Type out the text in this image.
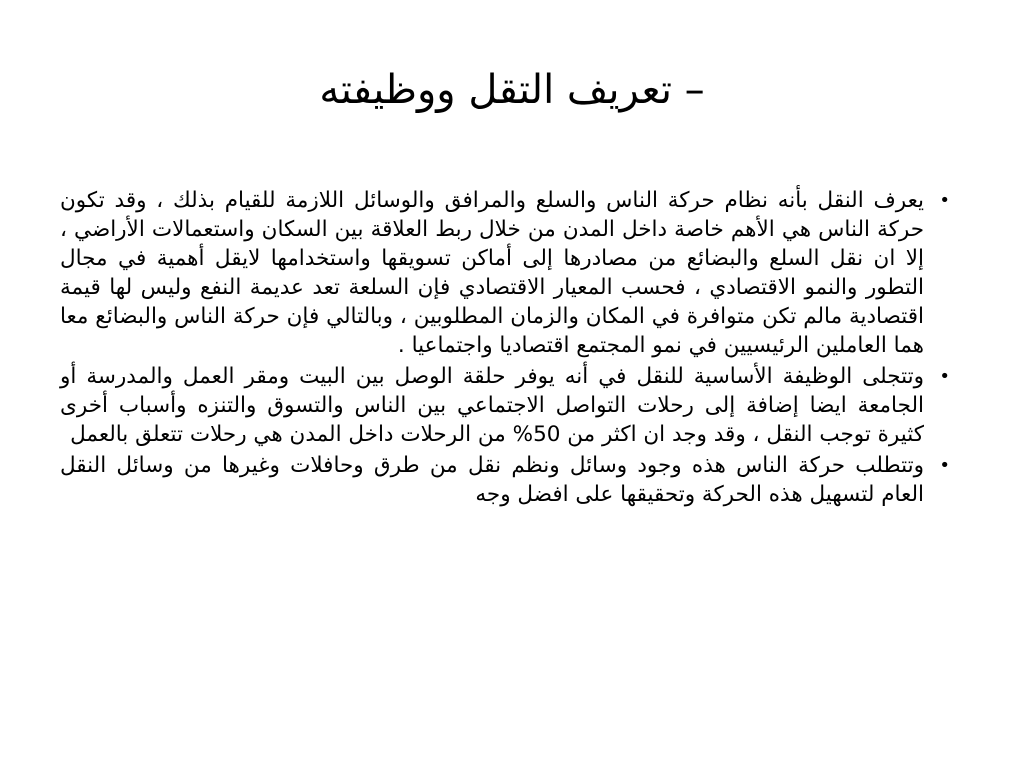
– تعريف التقل ووظيفته
•
يعرف النقل بأنه نظام حركة الناس والسلع والمرافق والوسائل اللازمة للقيام بذلك ، وقد تكون حركة الناس هي الأهم خاصة داخل المدن من خلال ربط العلاقة بين السكان واستعمالات الأراضي ، إلا ان نقل السلع والبضائع من مصادرها إلى أماكن تسويقها واستخدامها لايقل أهمية في مجال التطور والنمو الاقتصادي ، فحسب المعيار الاقتصادي فإن السلعة تعد عديمة النفع وليس لها قيمة اقتصادية مالم تكن متوافرة في المكان والزمان المطلوبين ، وبالتالي فإن حركة الناس والبضائع معا هما العاملين الرئيسيين في نمو المجتمع اقتصاديا واجتماعيا .
•
وتتجلى الوظيفة الأساسية للنقل في أنه يوفر حلقة الوصل بين البيت ومقر العمل والمدرسة أو الجامعة ايضا إضافة إلى رحلات التواصل الاجتماعي بين الناس والتسوق والتنزه وأسباب أخرى كثيرة توجب النقل ، وقد وجد ان اكثر من 50% من الرحلات داخل المدن هي رحلات تتعلق بالعمل
•
وتتطلب حركة الناس هذه وجود وسائل ونظم نقل من طرق وحافلات وغيرها من وسائل النقل العام لتسهيل هذه الحركة وتحقيقها على افضل وجه
